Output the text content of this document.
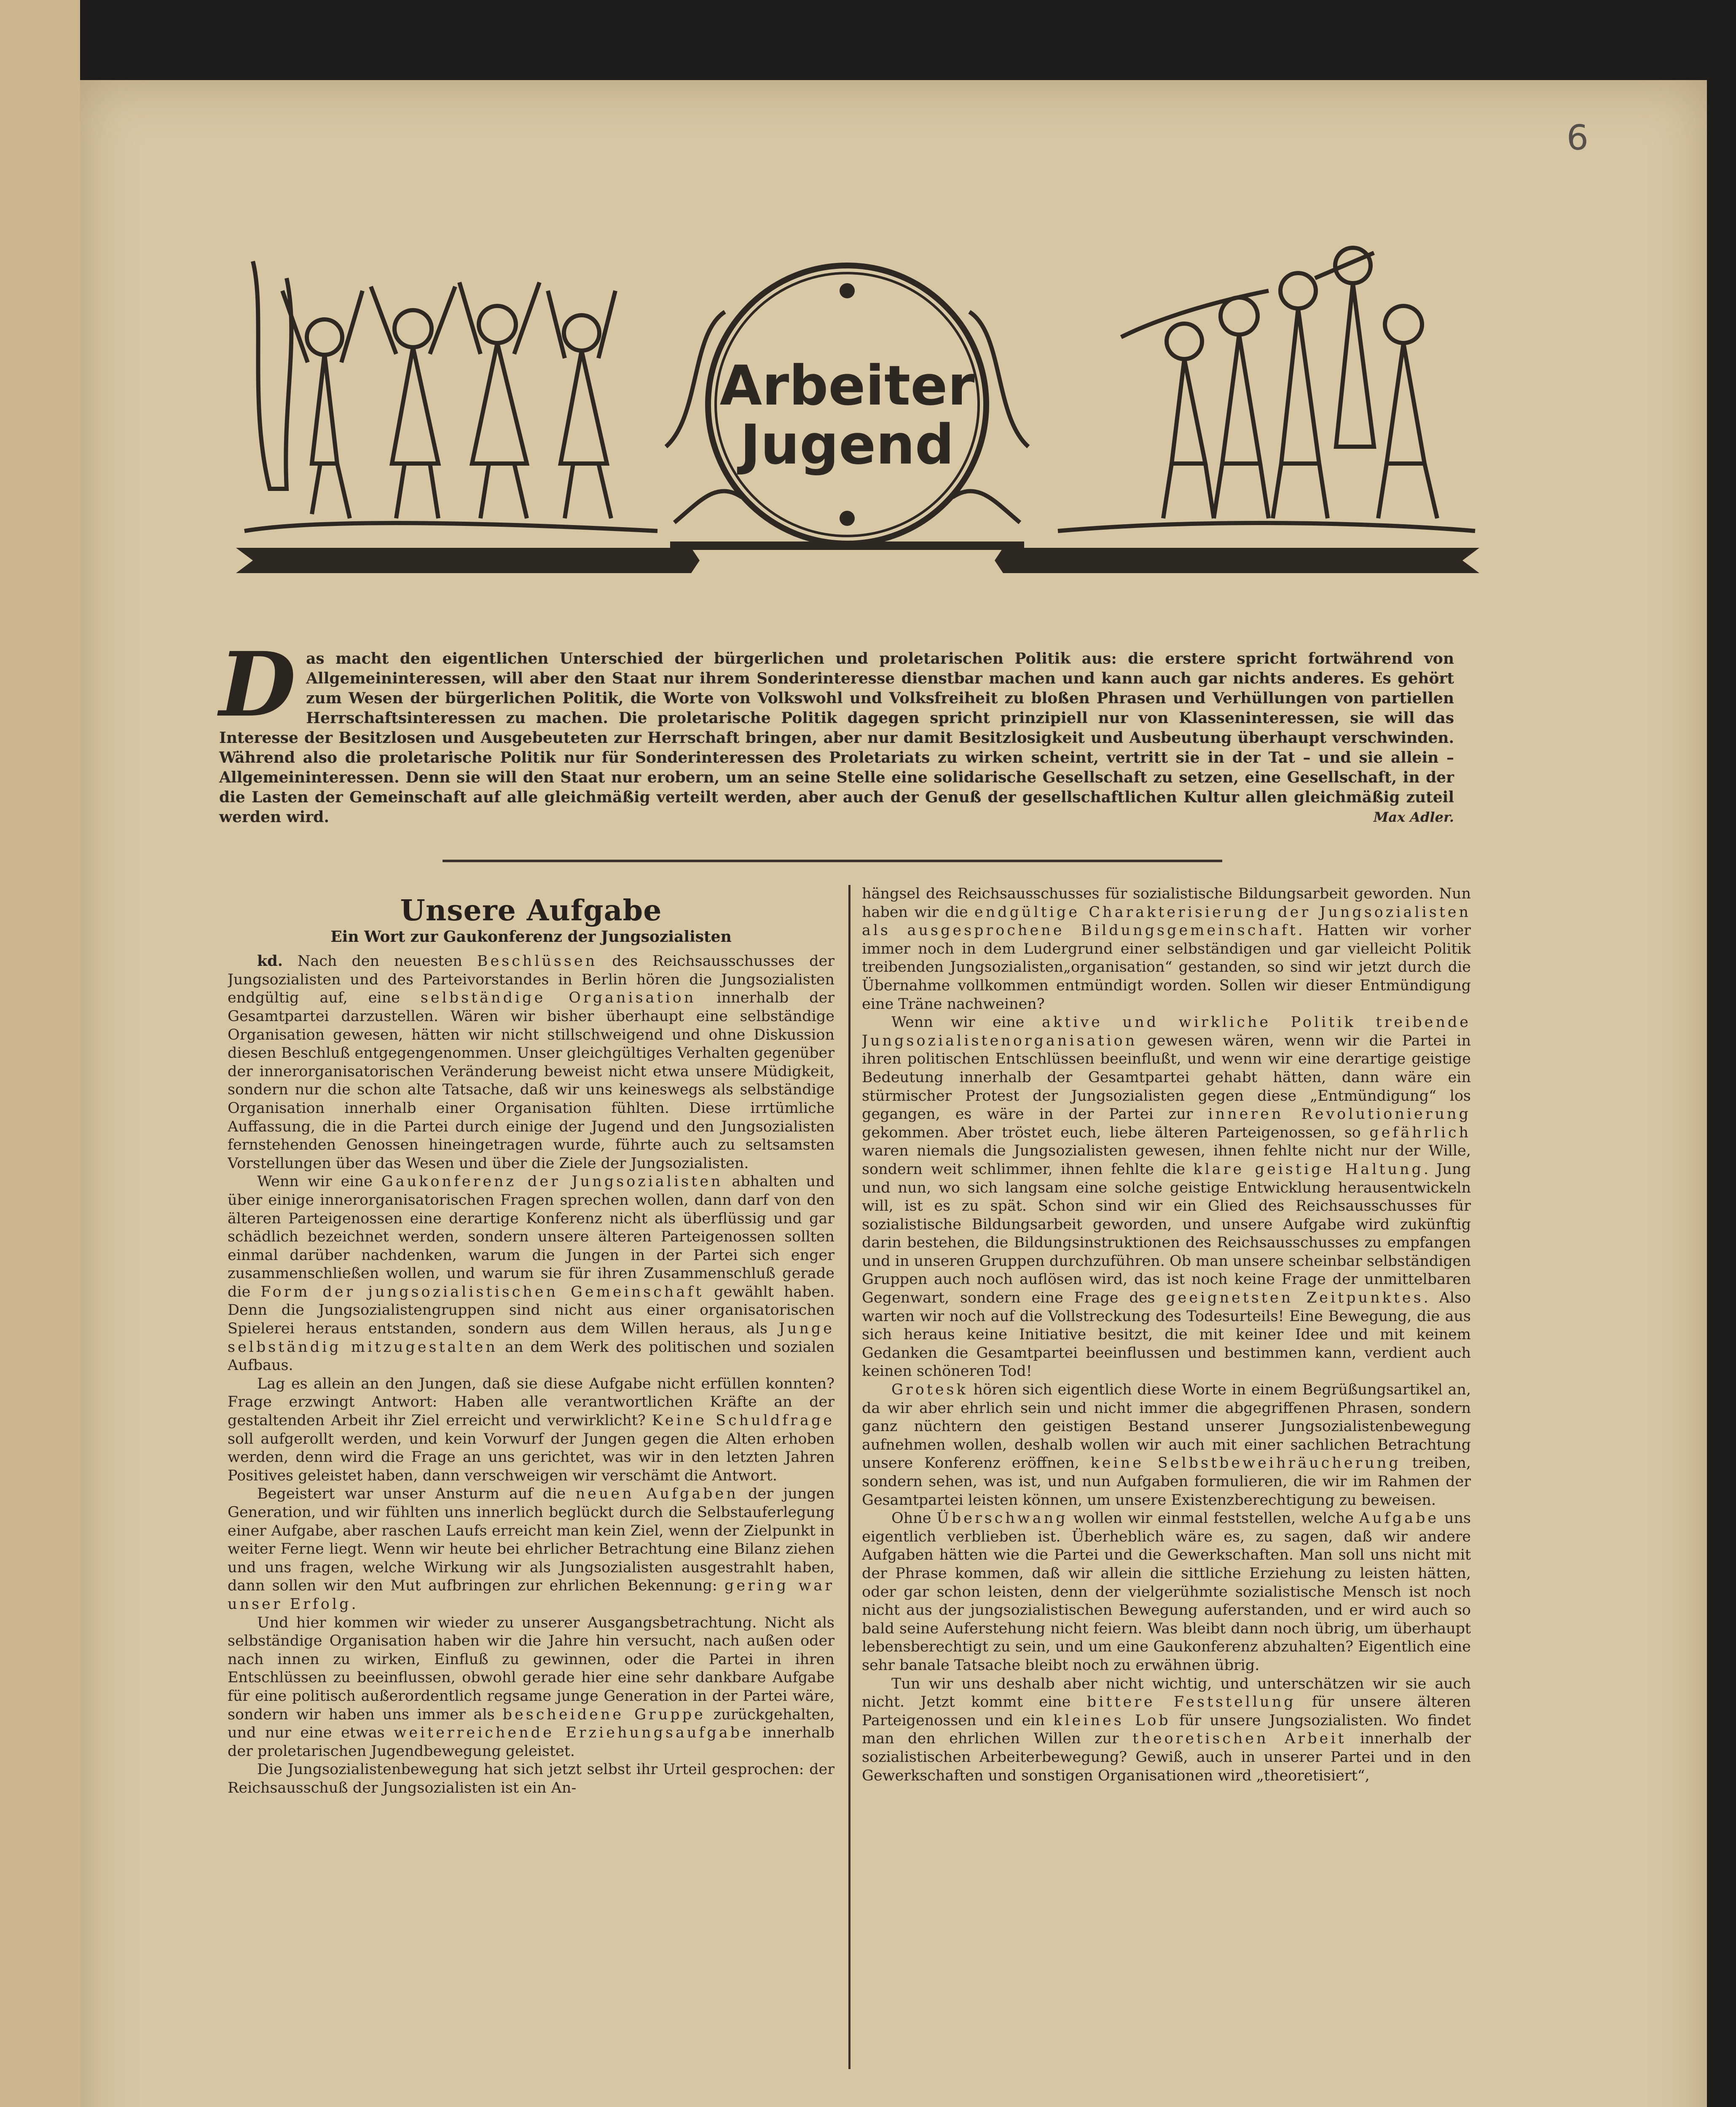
6
Arbeiter
Jugend
D as macht den eigentlichen Unterschied der bürgerlichen und proletarischen Politik aus: die erstere spricht fortwährend von Allgemeininteressen, will aber den Staat nur ihrem Sonderinteresse dienstbar machen und kann auch gar nichts anderes. Es gehört zum Wesen der bürgerlichen Politik, die Worte von Volkswohl und Volksfreiheit zu bloßen Phrasen und Verhüllungen von partiellen Herrschaftsinteressen zu machen. Die proletarische Politik dagegen spricht prinzipiell nur von Klasseninteressen, sie will das Interesse der Besitzlosen und Ausgebeuteten zur Herrschaft bringen, aber nur damit Besitzlosigkeit und Ausbeutung überhaupt verschwinden. Während also die proletarische Politik nur für Sonderinteressen des Proletariats zu wirken scheint, vertritt sie in der Tat – und sie allein – Allgemeininteressen. Denn sie will den Staat nur erobern, um an seine Stelle eine solidarische Gesellschaft zu setzen, eine Gesellschaft, in der die Lasten der Gemeinschaft auf alle gleichmäßig verteilt werden, aber auch der Genuß der gesellschaftlichen Kultur allen gleichmäßig zuteil werden wird.	Max Adler.

Unsere Aufgabe
Ein Wort zur Gaukonferenz der Jungsozialisten

kd. Nach den neuesten Beschlüssen des Reichsausschusses der Jungsozialisten und des Parteivorstandes in Berlin hören die Jungsozialisten endgültig auf, eine selbständige Organisation innerhalb der Gesamtpartei darzustellen. Wären wir bisher überhaupt eine selbständige Organisation gewesen, hätten wir nicht stillschweigend und ohne Diskussion diesen Beschluß entgegengenommen. Unser gleichgültiges Verhalten gegenüber der innerorganisatorischen Veränderung beweist nicht etwa unsere Müdigkeit, sondern nur die schon alte Tatsache, daß wir uns keineswegs als selbständige Organisation innerhalb einer Organisation fühlten. Diese irrtümliche Auffassung, die in die Partei durch einige der Jugend und den Jungsozialisten fernstehenden Genossen hineingetragen wurde, führte auch zu seltsamsten Vorstellungen über das Wesen und über die Ziele der Jungsozialisten.

Wenn wir eine Gaukonferenz der Jungsozialisten abhalten und über einige innerorganisatorischen Fragen sprechen wollen, dann darf von den älteren Parteigenossen eine derartige Konferenz nicht als überflüssig und gar schädlich bezeichnet werden, sondern unsere älteren Parteigenossen sollten einmal darüber nachdenken, warum die Jungen in der Partei sich enger zusammenschließen wollen, und warum sie für ihren Zusammenschluß gerade die Form der jungsozialistischen Gemeinschaft gewählt haben. Denn die Jungsozialistengruppen sind nicht aus einer organisatorischen Spielerei heraus entstanden, sondern aus dem Willen heraus, als Junge selbständig mitzugestalten an dem Werk des politischen und sozialen Aufbaus.

Lag es allein an den Jungen, daß sie diese Aufgabe nicht erfüllen konnten? Frage erzwingt Antwort: Haben alle verantwortlichen Kräfte an der gestaltenden Arbeit ihr Ziel erreicht und verwirklicht? Keine Schuldfrage soll aufgerollt werden, und kein Vorwurf der Jungen gegen die Alten erhoben werden, denn wird die Frage an uns gerichtet, was wir in den letzten Jahren Positives geleistet haben, dann verschweigen wir verschämt die Antwort.

Begeistert war unser Ansturm auf die neuen Aufgaben der jungen Generation, und wir fühlten uns innerlich beglückt durch die Selbstauferlegung einer Aufgabe, aber raschen Laufs erreicht man kein Ziel, wenn der Zielpunkt in weiter Ferne liegt. Wenn wir heute bei ehrlicher Betrachtung eine Bilanz ziehen und uns fragen, welche Wirkung wir als Jungsozialisten ausgestrahlt haben, dann sollen wir den Mut aufbringen zur ehrlichen Bekennung: gering war unser Erfolg.

Und hier kommen wir wieder zu unserer Ausgangsbetrachtung. Nicht als selbständige Organisation haben wir die Jahre hin versucht, nach außen oder nach innen zu wirken, Einfluß zu gewinnen, oder die Partei in ihren Entschlüssen zu beeinflussen, obwohl gerade hier eine sehr dankbare Aufgabe für eine politisch außerordentlich regsame junge Generation in der Partei wäre, sondern wir haben uns immer als bescheidene Gruppe zurückgehalten, und nur eine etwas weiterreichende Erziehungsaufgabe innerhalb der proletarischen Jugendbewegung geleistet.

Die Jungsozialistenbewegung hat sich jetzt selbst ihr Urteil gesprochen: der Reichsausschuß der Jungsozialisten ist ein An-

hängsel des Reichsausschusses für sozialistische Bildungsarbeit geworden. Nun haben wir die endgültige Charakterisierung der Jungsozialisten als ausgesprochene Bildungsgemeinschaft. Hatten wir vorher immer noch in dem Ludergrund einer selbständigen und gar vielleicht Politik treibenden Jungsozialisten„organisation“ gestanden, so sind wir jetzt durch die Übernahme vollkommen entmündigt worden. Sollen wir dieser Entmündigung eine Träne nachweinen?

Wenn wir eine aktive und wirkliche Politik treibende Jungsozialistenorganisation gewesen wären, wenn wir die Partei in ihren politischen Entschlüssen beeinflußt, und wenn wir eine derartige geistige Bedeutung innerhalb der Gesamtpartei gehabt hätten, dann wäre ein stürmischer Protest der Jungsozialisten gegen diese „Entmündigung“ los gegangen, es wäre in der Partei zur inneren Revolutionierung gekommen. Aber tröstet euch, liebe älteren Parteigenossen, so gefährlich waren niemals die Jungsozialisten gewesen, ihnen fehlte nicht nur der Wille, sondern weit schlimmer, ihnen fehlte die klare geistige Haltung. Jung und nun, wo sich langsam eine solche geistige Entwicklung herausentwickeln will, ist es zu spät. Schon sind wir ein Glied des Reichsausschusses für sozialistische Bildungsarbeit geworden, und unsere Aufgabe wird zukünftig darin bestehen, die Bildungsinstruktionen des Reichsausschusses zu empfangen und in unseren Gruppen durchzuführen. Ob man unsere scheinbar selbständigen Gruppen auch noch auflösen wird, das ist noch keine Frage der unmittelbaren Gegenwart, sondern eine Frage des geeignetsten Zeitpunktes. Also warten wir noch auf die Vollstreckung des Todesurteils! Eine Bewegung, die aus sich heraus keine Initiative besitzt, die mit keiner Idee und mit keinem Gedanken die Gesamtpartei beeinflussen und bestimmen kann, verdient auch keinen schöneren Tod!

Grotesk hören sich eigentlich diese Worte in einem Begrüßungsartikel an, da wir aber ehrlich sein und nicht immer die abgegriffenen Phrasen, sondern ganz nüchtern den geistigen Bestand unserer Jungsozialistenbewegung aufnehmen wollen, deshalb wollen wir auch mit einer sachlichen Betrachtung unsere Konferenz eröffnen, keine Selbstbeweihräucherung treiben, sondern sehen, was ist, und nun Aufgaben formulieren, die wir im Rahmen der Gesamtpartei leisten können, um unsere Existenzberechtigung zu beweisen.

Ohne Überschwang wollen wir einmal feststellen, welche Aufgabe uns eigentlich verblieben ist. Überheblich wäre es, zu sagen, daß wir andere Aufgaben hätten wie die Partei und die Gewerkschaften. Man soll uns nicht mit der Phrase kommen, daß wir allein die sittliche Erziehung zu leisten hätten, oder gar schon leisten, denn der vielgerühmte sozialistische Mensch ist noch nicht aus der jungsozialistischen Bewegung auferstanden, und er wird auch so bald seine Auferstehung nicht feiern. Was bleibt dann noch übrig, um überhaupt lebensberechtigt zu sein, und um eine Gaukonferenz abzuhalten? Eigentlich eine sehr banale Tatsache bleibt noch zu erwähnen übrig.

Tun wir uns deshalb aber nicht wichtig, und unterschätzen wir sie auch nicht. Jetzt kommt eine bittere Feststellung für unsere älteren Parteigenossen und ein kleines Lob für unsere Jungsozialisten. Wo findet man den ehrlichen Willen zur theoretischen Arbeit innerhalb der sozialistischen Arbeiterbewegung? Gewiß, auch in unserer Partei und in den Gewerkschaften und sonstigen Organisationen wird „theoretisiert“,
